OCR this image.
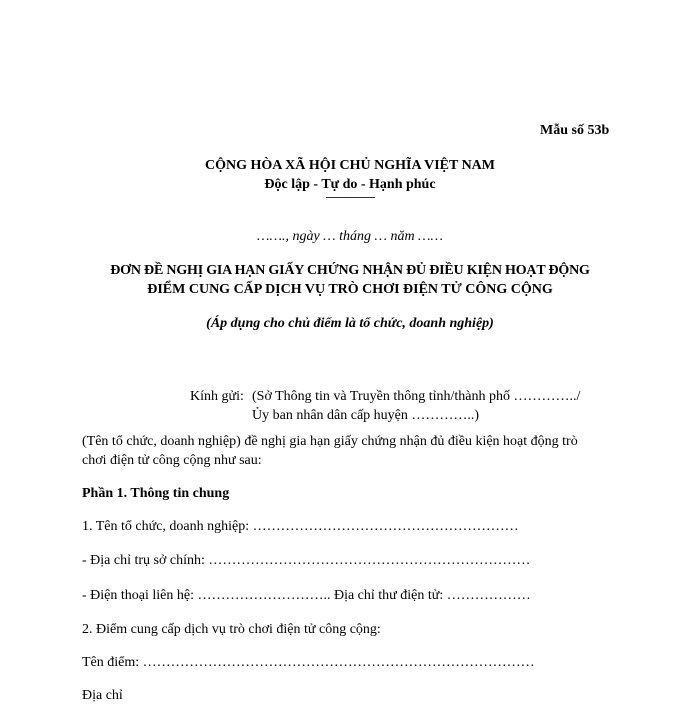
Mẫu số 53b
CỘNG HÒA XÃ HỘI CHỦ NGHĨA VIỆT NAM
Độc lập - Tự do - Hạnh phúc
---------------------
……., ngày … tháng … năm ……
ĐƠN ĐỀ NGHỊ GIA HẠN GIẤY CHỨNG NHẬN ĐỦ ĐIỀU KIỆN HOẠT ĐỘNG
ĐIỂM CUNG CẤP DỊCH VỤ TRÒ CHƠI ĐIỆN TỬ CÔNG CỘNG
(Áp dụng cho chủ điểm là tổ chức, doanh nghiệp)
Kính gửi: (Sở Thông tin và Truyền thông tỉnh/thành phố …………../
Ủy ban nhân dân cấp huyện …………..)
(Tên tổ chức, doanh nghiệp) đề nghị gia hạn giấy chứng nhận đủ điều kiện hoạt động trò
chơi điện tử công cộng như sau:
Phần 1. Thông tin chung
1. Tên tổ chức, doanh nghiệp: …………………………………………………
- Địa chỉ trụ sở chính: ……………………………………………………………
- Điện thoại liên hệ: ……………………….. Địa chỉ thư điện tử: ………………
2. Điểm cung cấp dịch vụ trò chơi điện tử công cộng:
Tên điểm: …………………………………………………………………………
Địa chỉ
